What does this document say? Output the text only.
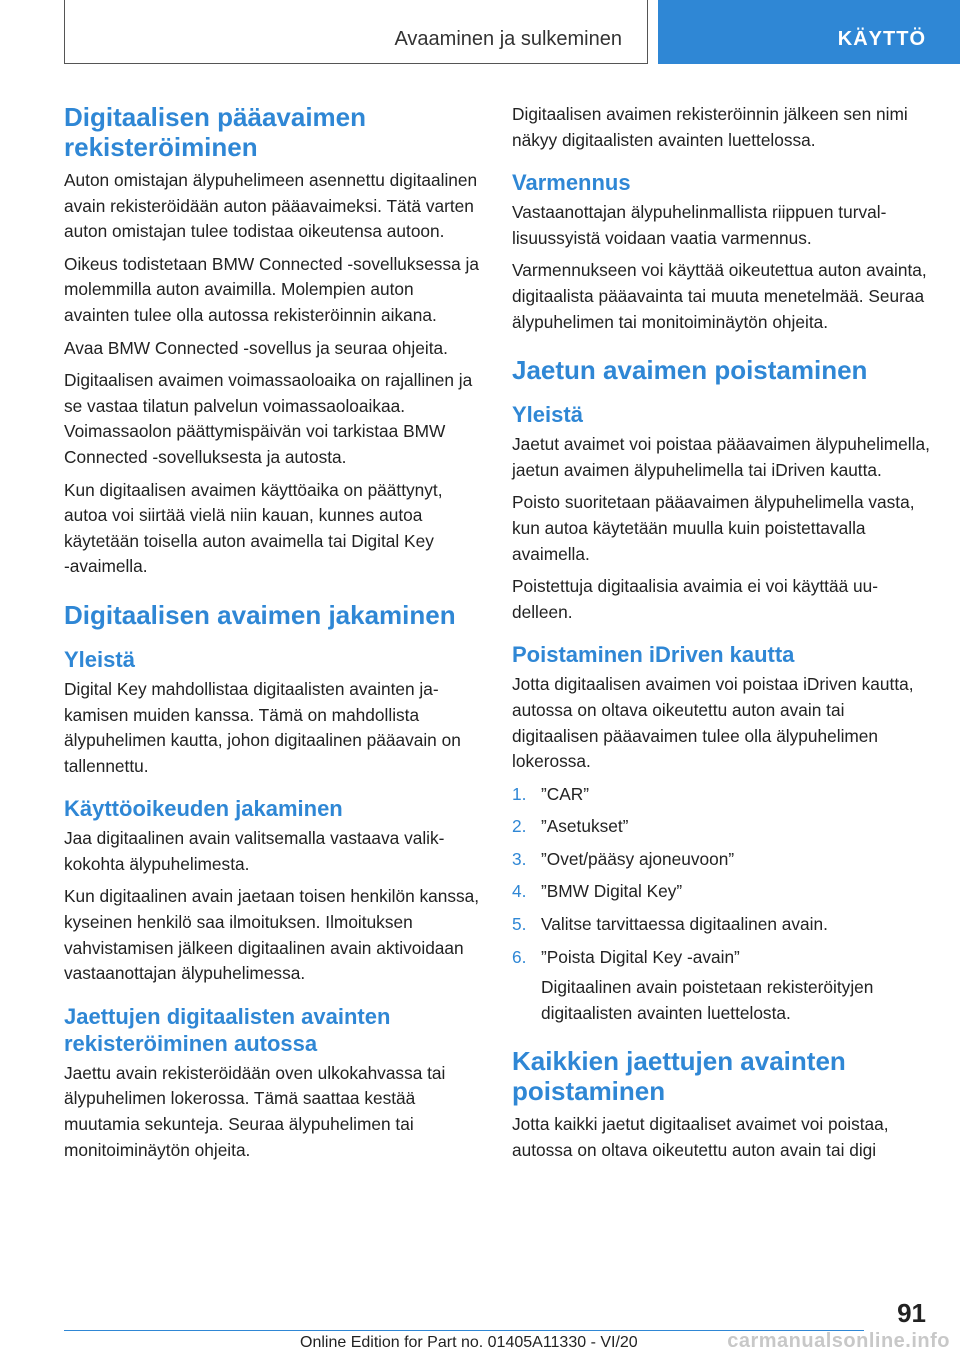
Avaaminen ja sulkeminen	KÄYTTÖ
Digitaalisen pääavaimen rekisteröiminen

Auton omistajan älypuhelimeen asennettu digitaalinen avain rekisteröidään auton pääavaimeksi. Tätä varten auton omistajan tulee todistaa oikeutensa autoon.

Oikeus todistetaan BMW Connected ‑sovelluksessa ja molemmilla auton avaimilla. Molempien auton avainten tulee olla autossa rekisteröinnin aikana.

Avaa BMW Connected ‑sovellus ja seuraa ohjeita.

Digitaalisen avaimen voimassaoloaika on rajallinen ja se vastaa tilatun palvelun voimassaoloaikaa. Voimassaolon päättymispäivän voi tarkistaa BMW Connected ‑sovelluksesta ja autosta.

Kun digitaalisen avaimen käyttöaika on päättynyt, autoa voi siirtää vielä niin kauan, kunnes autoa käytetään toisella auton avaimella tai Digital Key ‑avaimella.

Digitaalisen avaimen jakaminen
Yleistä

Digital Key mahdollistaa digitaalisten avainten jakamisen muiden kanssa. Tämä on mahdollista älypuhelimen kautta, johon digitaalinen pääavain on tallennettu.

Käyttöoikeuden jakaminen

Jaa digitaalinen avain valitsemalla vastaava valikkokohta älypuhelimesta.

Kun digitaalinen avain jaetaan toisen henkilön kanssa, kyseinen henkilö saa ilmoituksen. Ilmoituksen vahvistamisen jälkeen digitaalinen avain aktivoidaan vastaanottajan älypuhelimessa.

Jaettujen digitaalisten avainten rekisteröiminen autossa

Jaettu avain rekisteröidään oven ulkokahvassa tai älypuhelimen lokerossa. Tämä saattaa kestää muutamia sekunteja. Seuraa älypuhelimen tai monitoiminäytön ohjeita.

Digitaalisen avaimen rekisteröinnin jälkeen sen nimi näkyy digitaalisten avainten luettelossa.

Varmennus

Vastaanottajan älypuhelinmallista riippuen turvallisuussyistä voidaan vaatia varmennus.

Varmennukseen voi käyttää oikeutettua auton avainta, digitaalista pääavainta tai muuta menetelmää. Seuraa älypuhelimen tai monitoiminäytön ohjeita.

Jaetun avaimen poistaminen
Yleistä

Jaetut avaimet voi poistaa pääavaimen älypuhelimella, jaetun avaimen älypuhelimella tai iDriven kautta.

Poisto suoritetaan pääavaimen älypuhelimella vasta, kun autoa käytetään muulla kuin poistettavalla avaimella.

Poistettuja digitaalisia avaimia ei voi käyttää uudelleen.

Poistaminen iDriven kautta

Jotta digitaalisen avaimen voi poistaa iDriven kautta, autossa on oltava oikeutettu auton avain tai digitaalisen pääavaimen tulee olla älypuhelimen lokerossa.

1. ”CAR”
2. ”Asetukset”
3. ”Ovet/pääsy ajoneuvoon”
4. ”BMW Digital Key”
5. Valitse tarvittaessa digitaalinen avain.
6. ”Poista Digital Key ‑avain”
Digitaalinen avain poistetaan rekisteröityjen digitaalisten avainten luettelosta.
Kaikkien jaettujen avainten poistaminen

Jotta kaikki jaetut digitaaliset avaimet voi poistaa, autossa on oltava oikeutettu auton avain tai digi

91
Online Edition for Part no. 01405A11330 - VI/20	carmanualsonline.info
